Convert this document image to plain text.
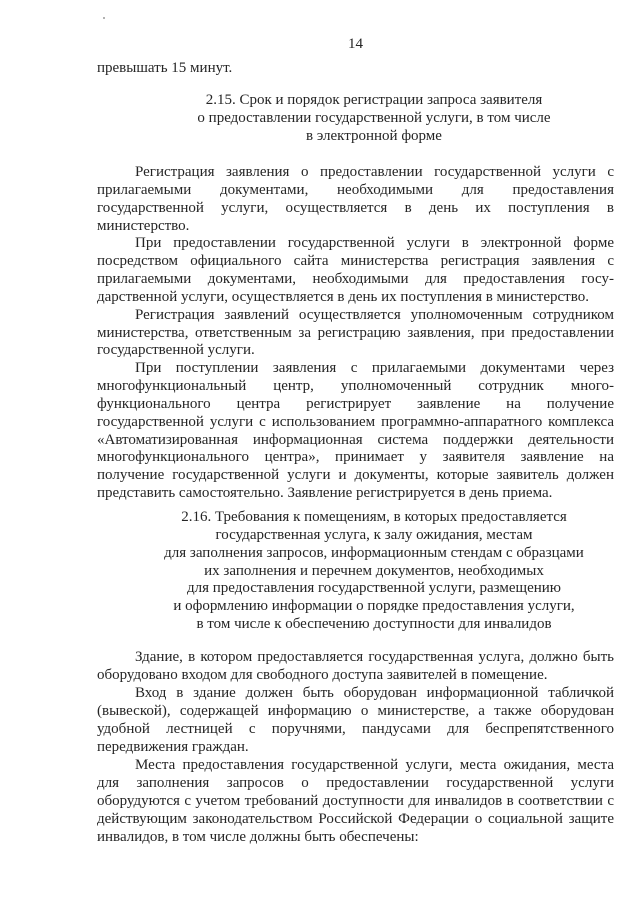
14
превышать 15 минут.
2.15. Срок и порядок регистрации запроса заявителя
о предоставлении государственной услуги, в том числе
в электронной форме
Регистрация заявления о предоставлении государственной услуги с
прилагаемыми документами, необходимыми для предоставления
государственной услуги, осуществляется в день их поступления в
министерство.
При предоставлении государственной услуги в электронной форме
посредством официального сайта министерства регистрация заявления с
прилагаемыми документами, необходимыми для предоставления госу-
дарственной услуги, осуществляется в день их поступления в министерство.
Регистрация заявлений осуществляется уполномоченным сотрудником
министерства, ответственным за регистрацию заявления, при предоставлении
государственной услуги.
При поступлении заявления с прилагаемыми документами через
многофункциональный центр, уполномоченный сотрудник много-
функционального центра регистрирует заявление на получение
государственной услуги с использованием программно-аппаратного комплекса
«Автоматизированная информационная система поддержки деятельности
многофункционального центра», принимает у заявителя заявление на
получение государственной услуги и документы, которые заявитель должен
представить самостоятельно. Заявление регистрируется в день приема.
2.16. Требования к помещениям, в которых предоставляется
государственная услуга, к залу ожидания, местам
для заполнения запросов, информационным стендам с образцами
их заполнения и перечнем документов, необходимых
для предоставления государственной услуги, размещению
и оформлению информации о порядке предоставления услуги,
в том числе к обеспечению доступности для инвалидов
Здание, в котором предоставляется государственная услуга, должно быть
оборудовано входом для свободного доступа заявителей в помещение.
Вход в здание должен быть оборудован информационной табличкой
(вывеской), содержащей информацию о министерстве, а также оборудован
удобной лестницей с поручнями, пандусами для беспрепятственного
передвижения граждан.
Места предоставления государственной услуги, места ожидания, места
для заполнения запросов о предоставлении государственной услуги
оборудуются с учетом требований доступности для инвалидов в соответствии с
действующим законодательством Российской Федерации о социальной защите
инвалидов, в том числе должны быть обеспечены:
